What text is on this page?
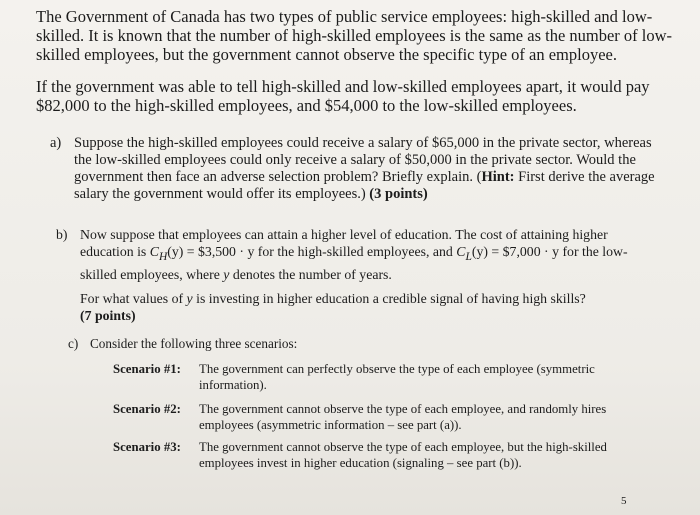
The Government of Canada has two types of public service employees: high-skilled and low-skilled. It is known that the number of high-skilled employees is the same as the number of low-skilled employees, but the government cannot observe the specific type of an employee.

If the government was able to tell high-skilled and low-skilled employees apart, it would pay $82,000 to the high-skilled employees, and $54,000 to the low-skilled employees.

a) Suppose the high-skilled employees could receive a salary of $65,000 in the private sector, whereas the low-skilled employees could only receive a salary of $50,000 in the private sector. Would the government then face an adverse selection problem? Briefly explain. (Hint: First derive the average salary the government would offer its employees.) (3 points)
b) Now suppose that employees can attain a higher level of education. The cost of attaining higher education is $C_H(y)$ = $3,500 · y for the high-skilled employees, and $C_L(y)$ = $7,000 · y for the low-skilled employees, where y denotes the number of years.
For what values of y is investing in higher education a credible signal of having high skills?
(7 points)
c) Consider the following three scenarios:
Scenario #1: The government can perfectly observe the type of each employee (symmetric information).
Scenario #2: The government cannot observe the type of each employee, and randomly hires employees (asymmetric information – see part (a)).
Scenario #3: The government cannot observe the type of each employee, but the high-skilled employees invest in higher education (signaling – see part (b)).
5
